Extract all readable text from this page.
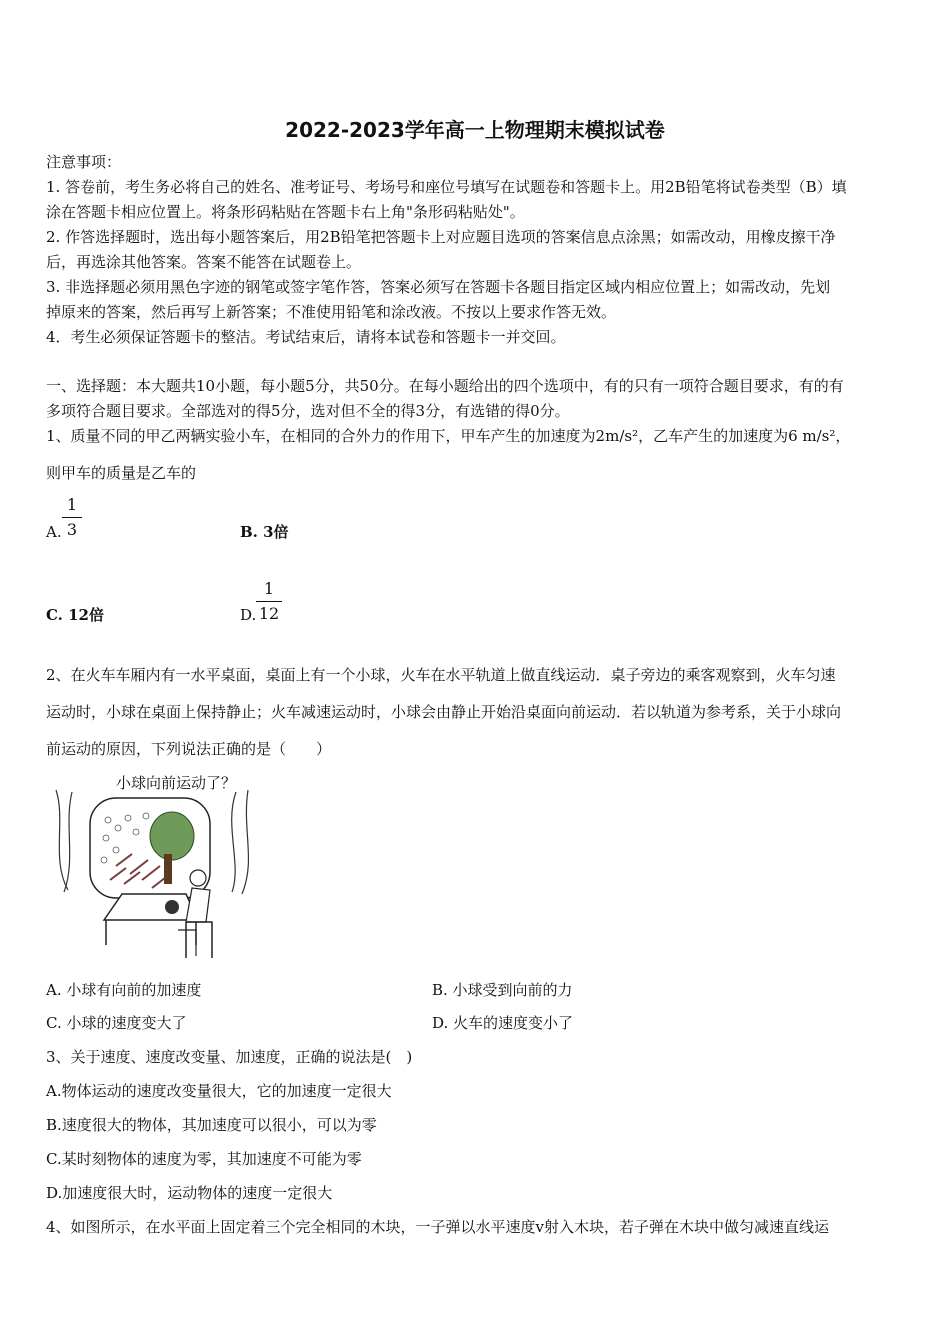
2022-2023学年高一上物理期末模拟试卷
注意事项：
1. 答卷前，考生务必将自己的姓名、准考证号、考场号和座位号填写在试题卷和答题卡上。用2B铅笔将试卷类型（B）填
涂在答题卡相应位置上。将条形码粘贴在答题卡右上角"条形码粘贴处"。
2. 作答选择题时，选出每小题答案后，用2B铅笔把答题卡上对应题目选项的答案信息点涂黑；如需改动，用橡皮擦干净
后，再选涂其他答案。答案不能答在试题卷上。
3. 非选择题必须用黑色字迹的钢笔或签字笔作答，答案必须写在答题卡各题目指定区域内相应位置上；如需改动，先划
掉原来的答案，然后再写上新答案；不准使用铅笔和涂改液。不按以上要求作答无效。
4．考生必须保证答题卡的整洁。考试结束后，请将本试卷和答题卡一并交回。
一、选择题：本大题共10小题，每小题5分，共50分。在每小题给出的四个选项中，有的只有一项符合题目要求，有的有
多项符合题目要求。全部选对的得5分，选对但不全的得3分，有选错的得0分。
1、质量不同的甲乙两辆实验小车，在相同的合外力的作用下，甲车产生的加速度为2m/s²，乙车产生的加速度为6 m/s²，
则甲车的质量是乙车的
A. $\frac{1}{3}$	B. 3倍
C. 12倍	D. $\frac{1}{12}$
2、在火车车厢内有一水平桌面，桌面上有一个小球，火车在水平轨道上做直线运动．桌子旁边的乘客观察到，火车匀速
运动时，小球在桌面上保持静止；火车减速运动时，小球会由静止开始沿桌面向前运动．若以轨道为参考系，关于小球向
前运动的原因，下列说法正确的是（　　）
小球向前运动了？
A. 小球有向前的加速度	B. 小球受到向前的力
C. 小球的速度变大了	D. 火车的速度变小了
3、关于速度、速度改变量、加速度，正确的说法是(　)
A.物体运动的速度改变量很大，它的加速度一定很大
B.速度很大的物体，其加速度可以很小，可以为零
C.某时刻物体的速度为零，其加速度不可能为零
D.加速度很大时，运动物体的速度一定很大
4、如图所示，在水平面上固定着三个完全相同的木块，一子弹以水平速度v射入木块，若子弹在木块中做匀减速直线运
